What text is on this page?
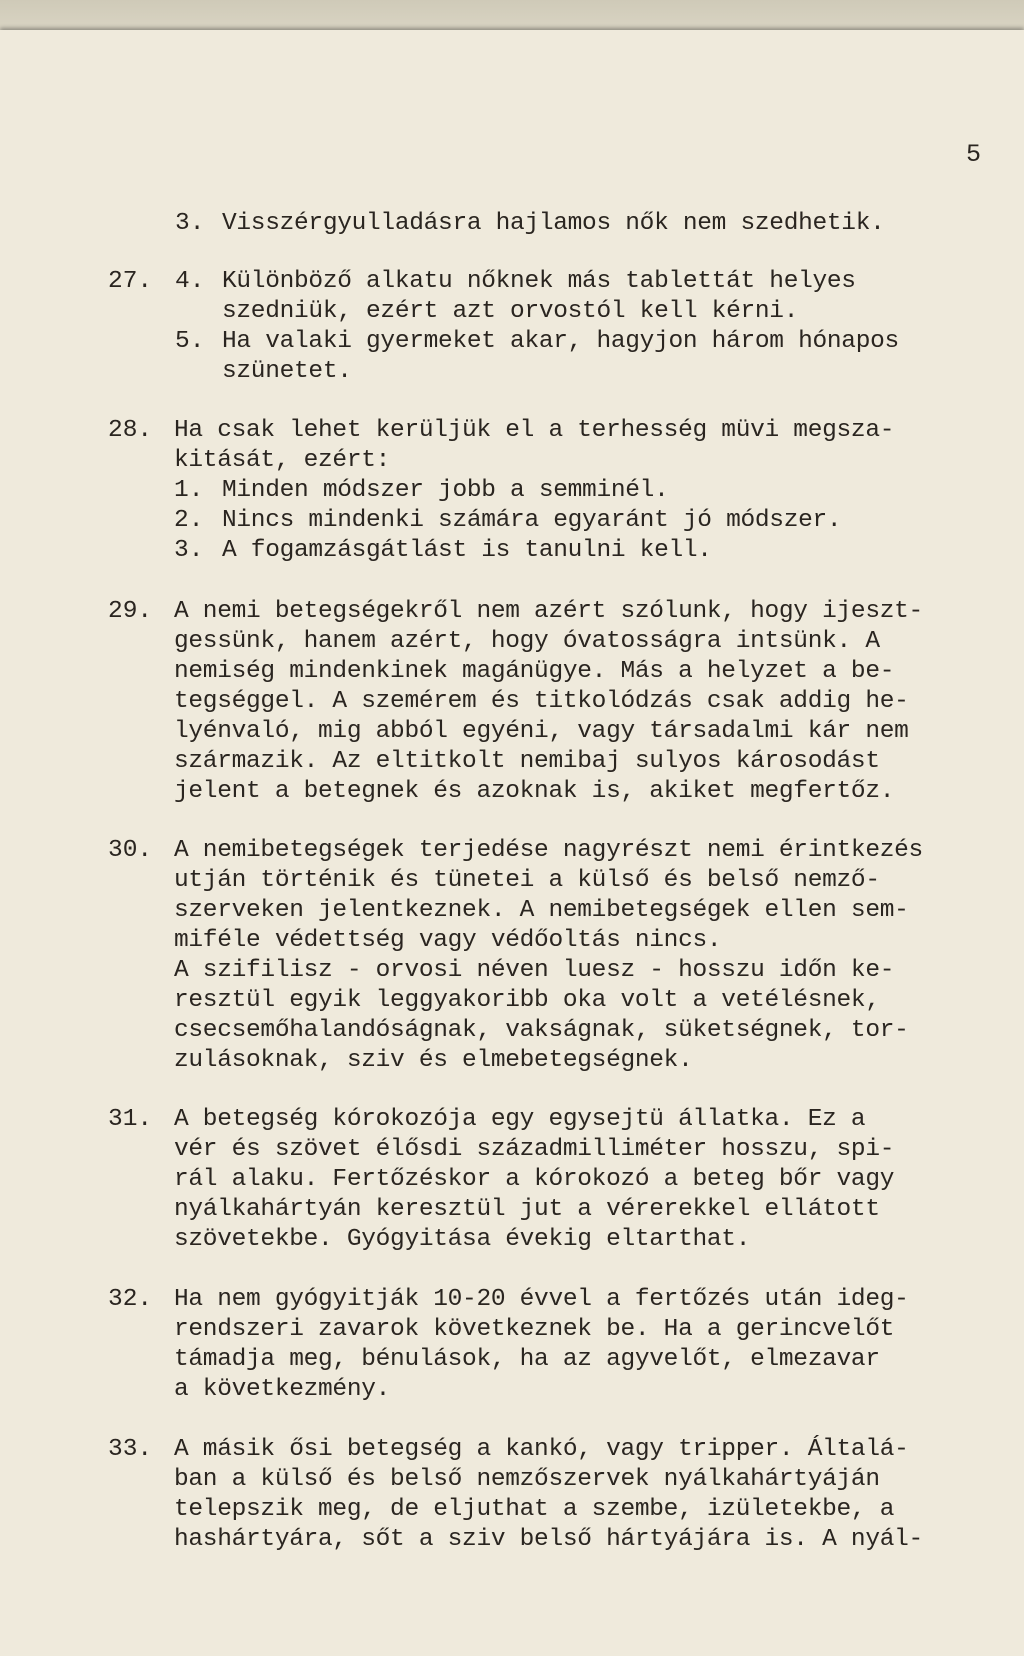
5
3. Visszérgyulladásra hajlamos nők nem szedhetik.
27. 4. Különböző alkatu nőknek más tablettát helyes
szedniük, ezért azt orvostól kell kérni.
5. Ha valaki gyermeket akar, hagyjon három hónapos
szünetet.
28. Ha csak lehet kerüljük el a terhesség müvi megsza-
kitását, ezért:
1. Minden módszer jobb a semminél.
2. Nincs mindenki számára egyaránt jó módszer.
3. A fogamzásgátlást is tanulni kell.
29. A nemi betegségekről nem azért szólunk, hogy ijeszt-
gessünk, hanem azért, hogy óvatosságra intsünk. A
nemiség mindenkinek magánügye. Más a helyzet a be-
tegséggel. A szemérem és titkolódzás csak addig he-
lyénvaló, mig abból egyéni, vagy társadalmi kár nem
származik. Az eltitkolt nemibaj sulyos károsodást
jelent a betegnek és azoknak is, akiket megfertőz.
30. A nemibetegségek terjedése nagyrészt nemi érintkezés
utján történik és tünetei a külső és belső nemző-
szerveken jelentkeznek. A nemibetegségek ellen sem-
miféle védettség vagy védőoltás nincs.
A szifilisz - orvosi néven luesz - hosszu időn ke-
resztül egyik leggyakoribb oka volt a vetélésnek,
csecsemőhalandóságnak, vakságnak, süketségnek, tor-
zulásoknak, sziv és elmebetegségnek.
31. A betegség kórokozója egy egysejtü állatka. Ez a
vér és szövet élősdi századmilliméter hosszu, spi-
rál alaku. Fertőzéskor a kórokozó a beteg bőr vagy
nyálkahártyán keresztül jut a vérerekkel ellátott
szövetekbe. Gyógyitása évekig eltarthat.
32. Ha nem gyógyitják 10-20 évvel a fertőzés után ideg-
rendszeri zavarok következnek be. Ha a gerincvelőt
támadja meg, bénulások, ha az agyvelőt, elmezavar
a következmény.
33. A másik ősi betegség a kankó, vagy tripper. Általá-
ban a külső és belső nemzőszervek nyálkahártyáján
telepszik meg, de eljuthat a szembe, izületekbe, a
hashártyára, sőt a sziv belső hártyájára is. A nyál-
